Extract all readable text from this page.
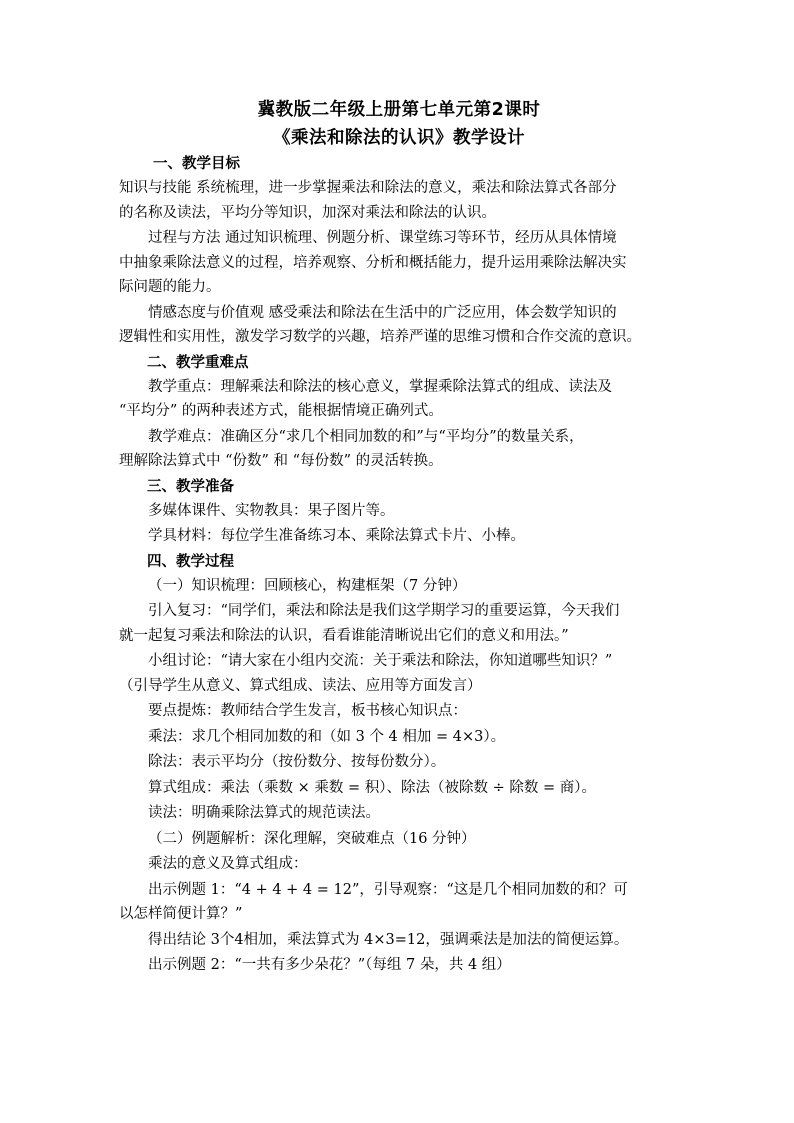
冀教版二年级上册第七单元第2课时

《乘法和除法的认识》教学设计

一、教学目标

知识与技能 系统梳理，进一步掌握乘法和除法的意义，乘法和除法算式各部分

的名称及读法，平均分等知识，加深对乘法和除法的认识。

过程与方法 通过知识梳理、例题分析、课堂练习等环节，经历从具体情境

中抽象乘除法意义的过程，培养观察、分析和概括能力，提升运用乘除法解决实

际问题的能力。

情感态度与价值观 感受乘法和除法在生活中的广泛应用，体会数学知识的

逻辑性和实用性，激发学习数学的兴趣，培养严谨的思维习惯和合作交流的意识。

二、教学重难点

教学重点：理解乘法和除法的核心意义，掌握乘除法算式的组成、读法及

“平均分” 的两种表述方式，能根据情境正确列式。

教学难点：准确区分“求几个相同加数的和”与“平均分”的数量关系，

理解除法算式中 “份数” 和 “每份数” 的灵活转换。

三、教学准备

多媒体课件、实物教具：果子图片等。

学具材料：每位学生准备练习本、乘除法算式卡片、小棒。

四、教学过程

（一）知识梳理：回顾核心，构建框架（7 分钟）

引入复习：“同学们，乘法和除法是我们这学期学习的重要运算，今天我们

就一起复习乘法和除法的认识，看看谁能清晰说出它们的意义和用法。”

小组讨论：“请大家在小组内交流：关于乘法和除法，你知道哪些知识？”

（引导学生从意义、算式组成、读法、应用等方面发言）

要点提炼：教师结合学生发言，板书核心知识点：

乘法：求几个相同加数的和（如 3 个 4 相加 = 4×3）。

除法：表示平均分（按份数分、按每份数分）。

算式组成：乘法（乘数 × 乘数 = 积）、除法（被除数 ÷ 除数 = 商）。

读法：明确乘除法算式的规范读法。

（二）例题解析：深化理解，突破难点（16 分钟）

乘法的意义及算式组成：

出示例题 1：“4 + 4 + 4 = 12”，引导观察：“这是几个相同加数的和？可

以怎样简便计算？”

得出结论 3个4相加，乘法算式为 4×3=12，强调乘法是加法的简便运算。

出示例题 2：“一共有多少朵花？”（每组 7 朵，共 4 组）
